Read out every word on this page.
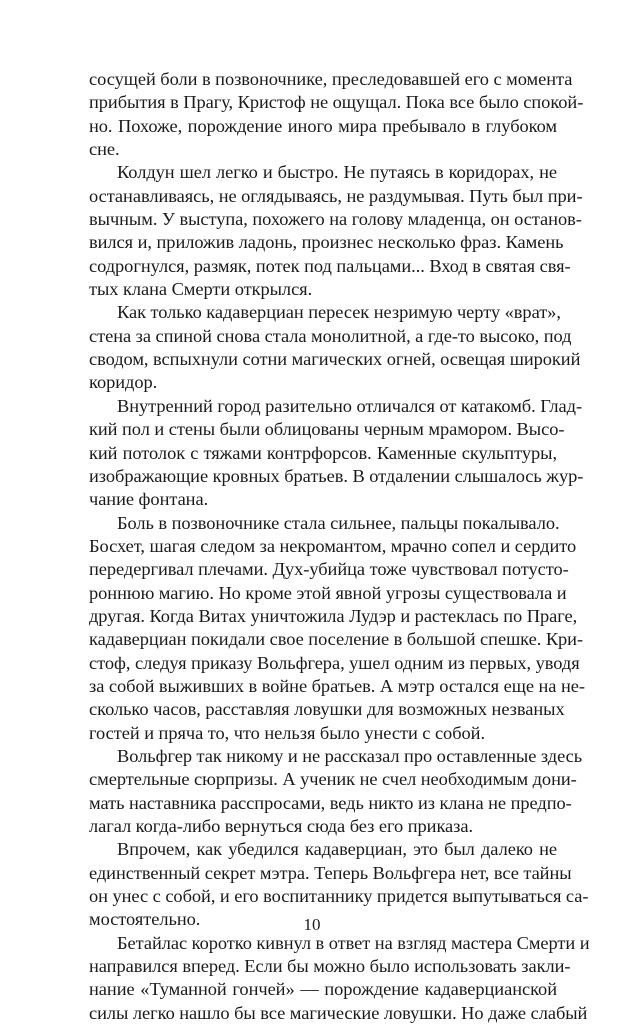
сосущей боли в позвоночнике, преследовавшей его с момента
прибытия в Прагу, Кристоф не ощущал. Пока все было спокой-
но. Похоже, порождение иного мира пребывало в глубоком
сне.
Колдун шел легко и быстро. Не путаясь в коридорах, не
останавливаясь, не оглядываясь, не раздумывая. Путь был при-
вычным. У выступа, похожего на голову младенца, он останов-
вился и, приложив ладонь, произнес несколько фраз. Камень
содрогнулся, размяк, потек под пальцами... Вход в святая свя-
тых клана Смерти открылся.
Как только кадаверциан пересек незримую черту «врат»,
стена за спиной снова стала монолитной, а где-то высоко, под
сводом, вспыхнули сотни магических огней, освещая широкий
коридор.
Внутренний город разительно отличался от катакомб. Глад-
кий пол и стены были облицованы черным мрамором. Высо-
кий потолок с тяжами контрфорсов. Каменные скульптуры,
изображающие кровных братьев. В отдалении слышалось жур-
чание фонтана.
Боль в позвоночнике стала сильнее, пальцы покалывало.
Босхет, шагая следом за некромантом, мрачно сопел и сердито
передергивал плечами. Дух-убийца тоже чувствовал потусто-
роннюю магию. Но кроме этой явной угрозы существовала и
другая. Когда Витах уничтожила Лудэр и растеклась по Праге,
кадаверциан покидали свое поселение в большой спешке. Кри-
стоф, следуя приказу Вольфгера, ушел одним из первых, уводя
за собой выживших в войне братьев. А мэтр остался еще на не-
сколько часов, расставляя ловушки для возможных незваных
гостей и пряча то, что нельзя было унести с собой.
Вольфгер так никому и не рассказал про оставленные здесь
смертельные сюрпризы. А ученик не счел необходимым дони-
мать наставника расспросами, ведь никто из клана не предпо-
лагал когда-либо вернуться сюда без его приказа.
Впрочем, как убедился кадаверциан, это был далеко не
единственный секрет мэтра. Теперь Вольфгера нет, все тайны
он унес с собой, и его воспитаннику придется выпутываться са-
мостоятельно.
Бетайлас коротко кивнул в ответ на взгляд мастера Смерти и
направился вперед. Если бы можно было использовать закли-
нание «Туманной гончей» — порождение кадаверцианской
силы легко нашло бы все магические ловушки. Но даже слабый
10
